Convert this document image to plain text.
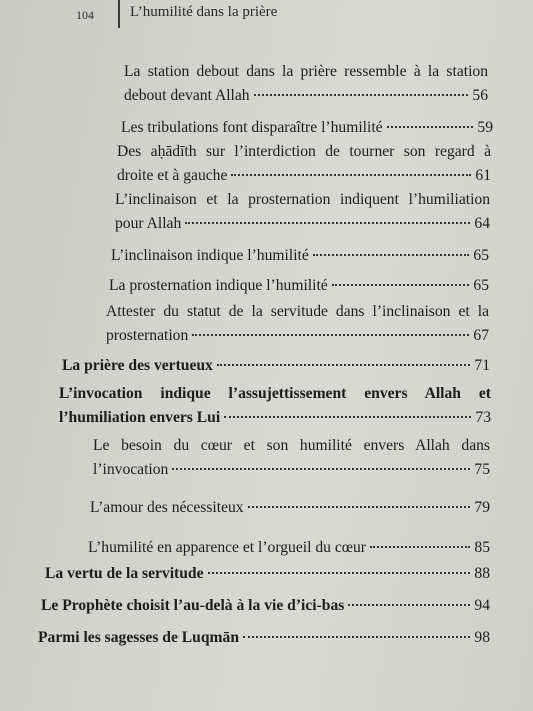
104 L’humilité dans la prière
La station debout dans la prière ressemble à la station
debout devant Allah	56
Les tribulations font disparaître l’humilité	59
Des aḥādīth sur l’interdiction de tourner son regard à
droite et à gauche	61
L’inclinaison et la prosternation indiquent l’humiliation
pour Allah	64
L’inclinaison indique l’humilité	65
La prosternation indique l’humilité	65
Attester du statut de la servitude dans l’inclinaison et la
prosternation	67
La prière des vertueux	71
L’invocation indique l’assujettissement envers Allah et
l’humiliation envers Lui	73
Le besoin du cœur et son humilité envers Allah dans
l’invocation	75
L’amour des nécessiteux	79
L’humilité en apparence et l’orgueil du cœur	85
La vertu de la servitude	88
Le Prophète choisit l’au-delà à la vie d’ici-bas	94
Parmi les sagesses de Luqmān	98
